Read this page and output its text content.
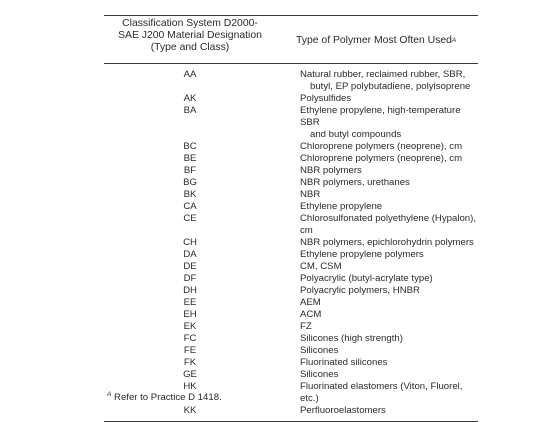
Classification System D2000-
SAE J200 Material Designation
(Type and Class)
Type of Polymer Most Often Used A
AA	Natural rubber, reclaimed rubber, SBR,
butyl, EP polybutadiene, polyisoprene
AK	Polysulfides
BA	Ethylene propylene, high-temperature SBR
and butyl compounds
BC	Chloroprene polymers (neoprene), cm
BE	Chloroprene polymers (neoprene), cm
BF	NBR polymers
BG	NBR polymers, urethanes
BK	NBR
CA	Ethylene propylene
CE	Chlorosulfonated polyethylene (Hypalon), cm
CH	NBR polymers, epichlorohydrin polymers
DA	Ethylene propylene polymers
DE	CM, CSM
DF	Polyacrylic (butyl-acrylate type)
DH	Polyacrylic polymers, HNBR
EE	AEM
EH	ACM
EK	FZ
FC	Silicones (high strength)
FE	Silicones
FK	Fluorinated silicones
GE	Silicones
HK	Fluorinated elastomers (Viton, Fluorel, etc.)
KK	Perfluoroelastomers
$^A$ Refer to Practice D 1418.
